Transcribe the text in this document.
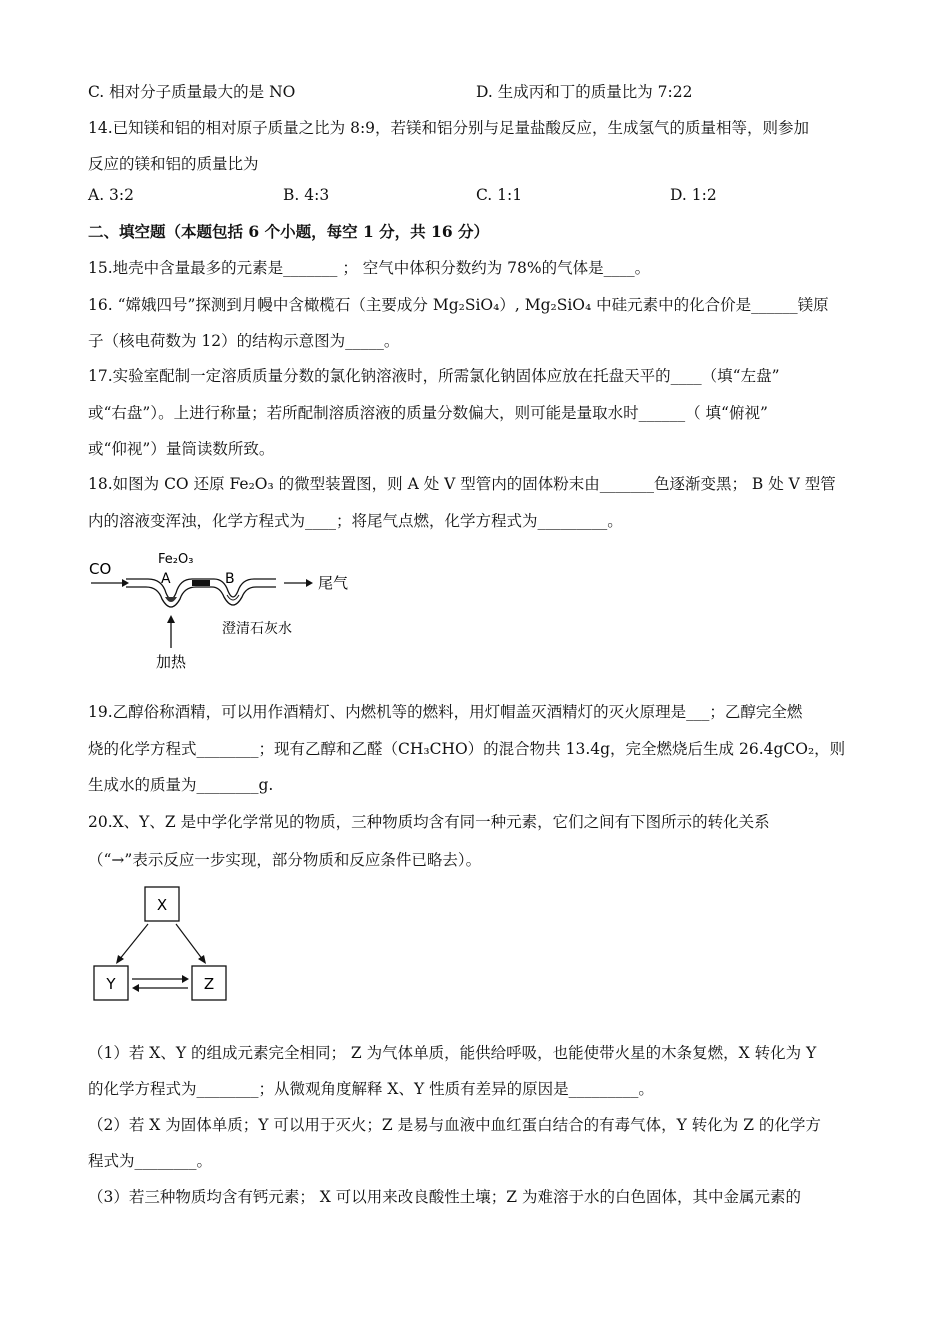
C. 相对分子质量最大的是 NO	D. 生成丙和丁的质量比为 7:22
14.已知镁和铝的相对原子质量之比为 8:9，若镁和铝分别与足量盐酸反应，生成氢气的质量相等，则参加
反应的镁和铝的质量比为
A. 3:2	B. 4:3	C. 1:1	D. 1:2
二、填空题（本题包括 6 个小题，每空 1 分，共 16 分）
15.地壳中含量最多的元素是_______ ； 空气中体积分数约为 78%的气体是____。
16. “嫦娥四号”探测到月幔中含橄榄石（主要成分 Mg₂SiO₄）, Mg₂SiO₄ 中硅元素中的化合价是______镁原
子（核电荷数为 12）的结构示意图为_____。
17.实验室配制一定溶质质量分数的氯化钠溶液时，所需氯化钠固体应放在托盘天平的____（填“左盘”
或“右盘”）。上进行称量；若所配制溶质溶液的质量分数偏大，则可能是量取水时______（ 填“俯视”
或“仰视”）量筒读数所致。
18.如图为 CO 还原 Fe₂O₃ 的微型装置图，则 A 处 V 型管内的固体粉末由_______色逐渐变黑； B 处 V 型管
内的溶液变浑浊，化学方程式为____；将尾气点燃，化学方程式为_________。
CO
Fe₂O₃
A	B	尾气
澄清石灰水
加热
19.乙醇俗称酒精，可以用作酒精灯、内燃机等的燃料，用灯帽盖灭酒精灯的灭火原理是___；乙醇完全燃
烧的化学方程式________；现有乙醇和乙醛（CH₃CHO）的混合物共 13.4g，完全燃烧后生成 26.4gCO₂，则
生成水的质量为________g.
20.X、Y、Z 是中学化学常见的物质，三种物质均含有同一种元素，它们之间有下图所示的转化关系
（“→”表示反应一步实现，部分物质和反应条件已略去）。
X
Y	Z
（1）若 X、Y 的组成元素完全相同； Z 为气体单质，能供给呼吸，也能使带火星的木条复燃，X 转化为 Y
的化学方程式为________；从微观角度解释 X、Y 性质有差异的原因是_________。
（2）若 X 为固体单质；Y 可以用于灭火；Z 是易与血液中血红蛋白结合的有毒气体，Y 转化为 Z 的化学方
程式为________。
（3）若三种物质均含有钙元素； X 可以用来改良酸性土壤；Z 为难溶于水的白色固体，其中金属元素的
